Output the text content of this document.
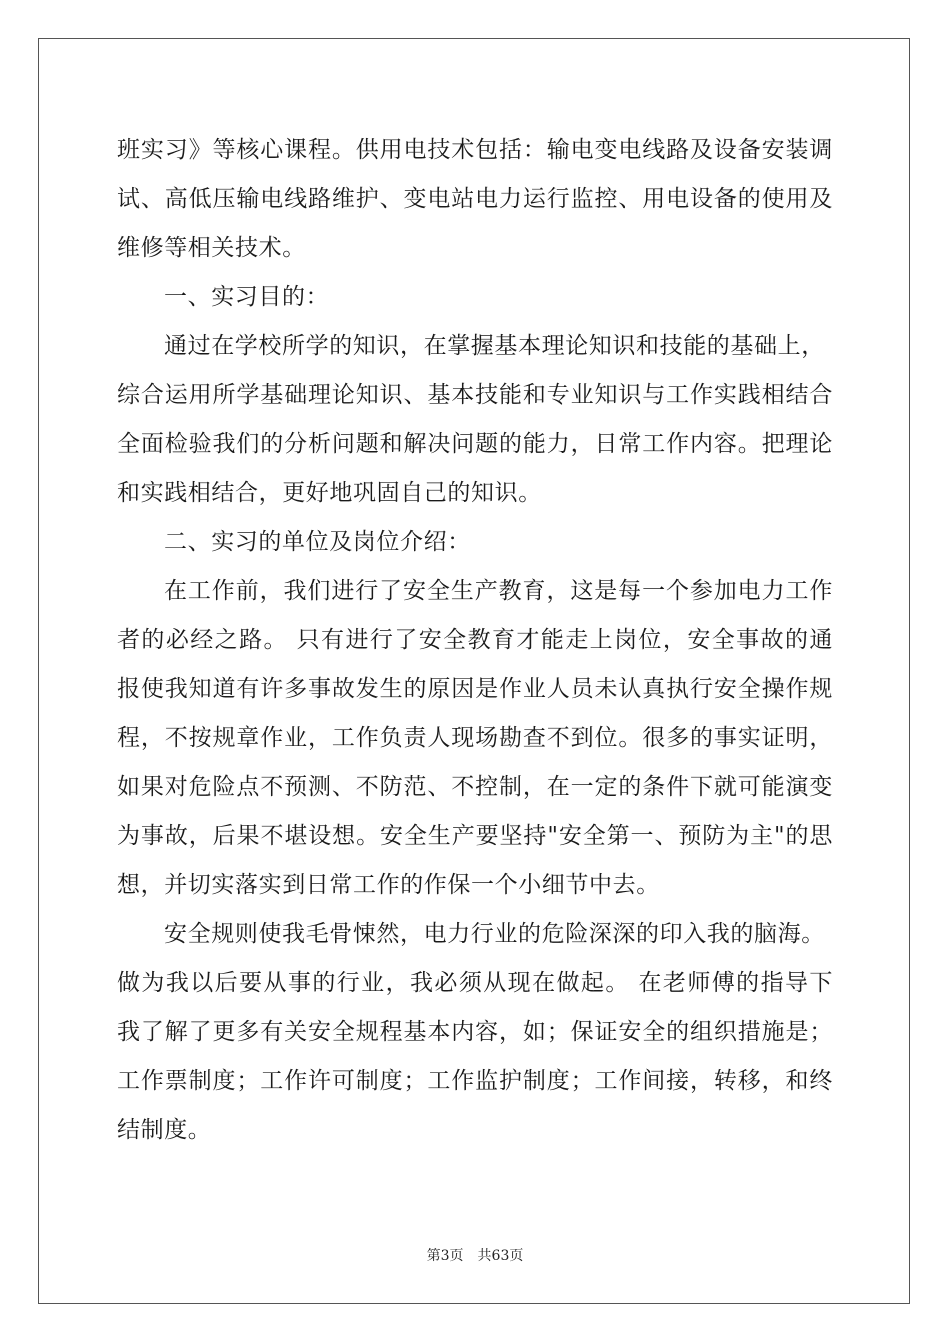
班实习》等核心课程。供用电技术包括：输电变电线路及设备安装调
试、高低压输电线路维护、变电站电力运行监控、用电设备的使用及
维修等相关技术。
一、实习目的：
通过在学校所学的知识，在掌握基本理论知识和技能的基础上，
综合运用所学基础理论知识、基本技能和专业知识与工作实践相结合
全面检验我们的分析问题和解决问题的能力，日常工作内容。把理论
和实践相结合，更好地巩固自己的知识。
二、实习的单位及岗位介绍：
在工作前，我们进行了安全生产教育，这是每一个参加电力工作
者的必经之路。 只有进行了安全教育才能走上岗位，安全事故的通
报使我知道有许多事故发生的原因是作业人员未认真执行安全操作规
程，不按规章作业，工作负责人现场勘查不到位。很多的事实证明，
如果对危险点不预测、不防范、不控制，在一定的条件下就可能演变
为事故，后果不堪设想。安全生产要坚持"安全第一、预防为主"的思
想，并切实落实到日常工作的作保一个小细节中去。
安全规则使我毛骨悚然，电力行业的危险深深的印入我的脑海。
做为我以后要从事的行业，我必须从现在做起。 在老师傅的指导下
我了解了更多有关安全规程基本内容，如；保证安全的组织措施是；
工作票制度；工作许可制度；工作监护制度；工作间接，转移，和终
结制度。
第3页 共63页
